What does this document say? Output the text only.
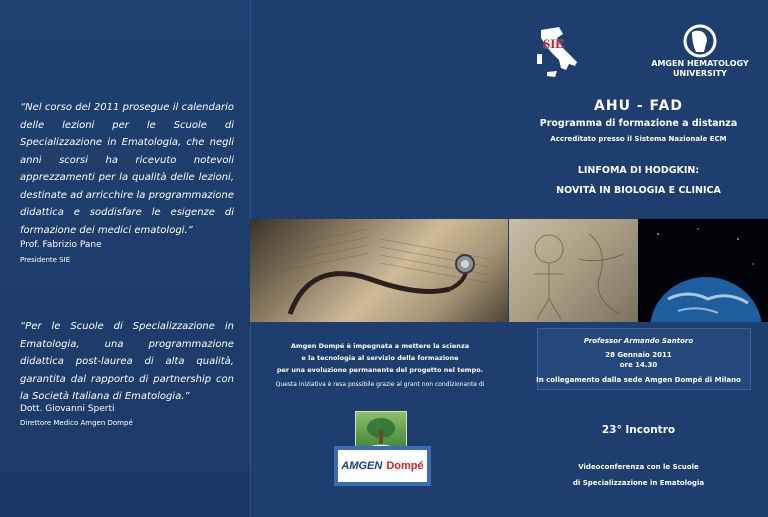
“Nel corso del 2011 prosegue il calendario delle lezioni per le Scuole di Specializzazione in Ematologia, che negli anni scorsi ha ricevuto notevoli apprezzamenti per la qualità delle lezioni, destinate ad arricchire la programmazione didattica e soddisfare le esigenze di formazione dei medici ematologi.”
Prof. Fabrizio Pane
Presidente SIE
“Per le Scuole di Specializzazione in Ematologia, una programmazione didattica post-laurea di alta qualità, garantita dal rapporto di partnership con la Società Italiana di Ematologia.”
Dott. Giovanni Sperti
Direttore Medico Amgen Dompé
Amgen Dompé è impegnata a mettere la scienza
e la tecnologia al servizio della formazione
per una evoluzione permanente del progetto nel tempo.
Questa iniziativa è resa possibile grazie al grant non condizionante di
AMGEN Dompé
SIE
AMGEN HEMATOLOGY
UNIVERSITY
AHU - FAD
Programma di formazione a distanza
Accreditato presso il Sistema Nazionale ECM
LINFOMA DI HODGKIN:
NOVITÀ IN BIOLOGIA E CLINICA
Professor Armando Santoro
28 Gennaio 2011
ore 14.30
In collegamento dalla sede Amgen Dompé di Milano
23° Incontro
Videoconferenza con le Scuole
di Specializzazione in Ematologia
